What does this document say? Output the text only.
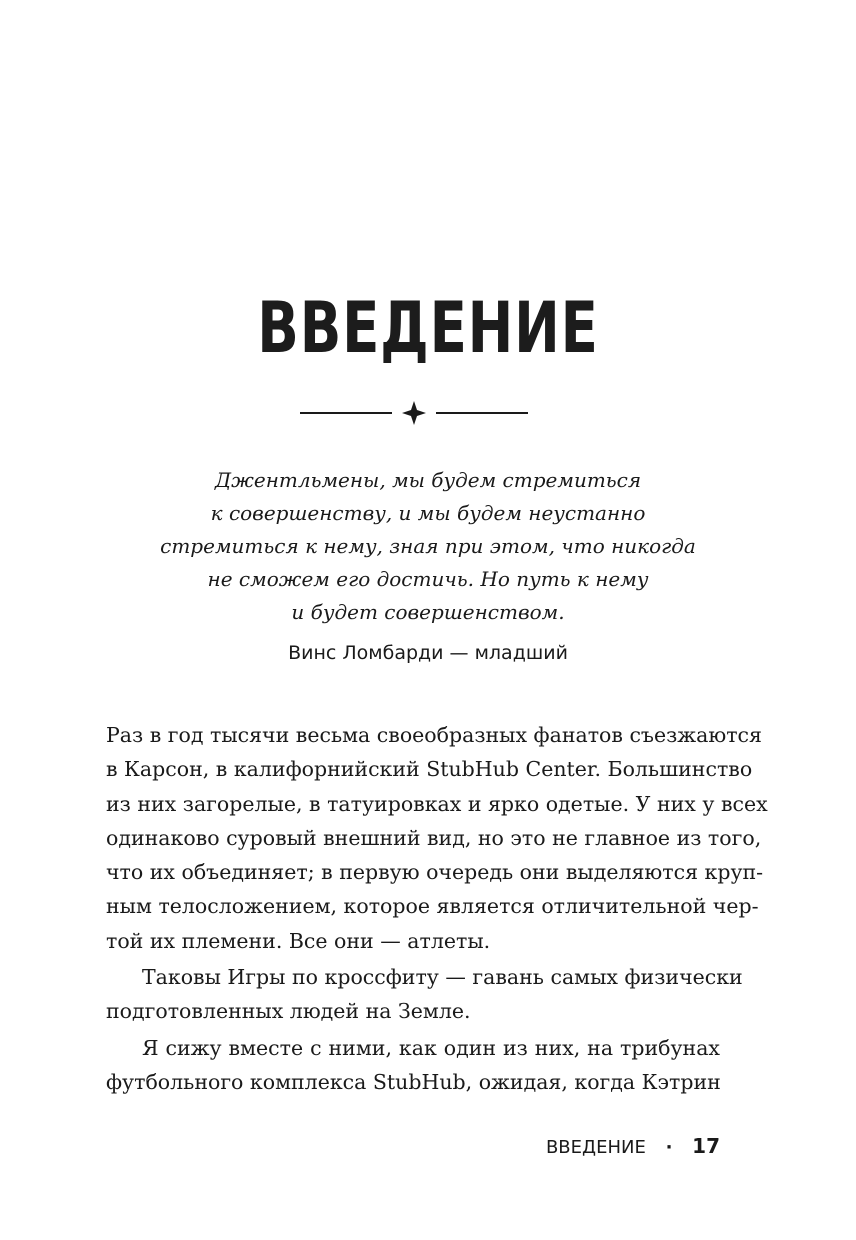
ВВЕДЕНИЕ
Джентльмены, мы будем стремиться
к совершенству, и мы будем неустанно
стремиться к нему, зная при этом, что никогда
не сможем его достичь. Но путь к нему
и будет совершенством.
Винс Ломбарди — младший
Раз в год тысячи весьма своеобразных фанатов съезжаются
в Карсон, в калифорнийский StubHub Center. Большинство
из них загорелые, в татуировках и ярко одетые. У них у всех
одинаково суровый внешний вид, но это не главное из того,
что их объединяет; в первую очередь они выделяются круп-
ным телосложением, которое является отличительной чер-
той их племени. Все они — атлеты.
Таковы Игры по кроссфиту — гавань самых физически
подготовленных людей на Земле.
Я сижу вместе с ними, как один из них, на трибунах
футбольного комплекса StubHub, ожидая, когда Кэтрин
ВВЕДЕНИЕ · 17
